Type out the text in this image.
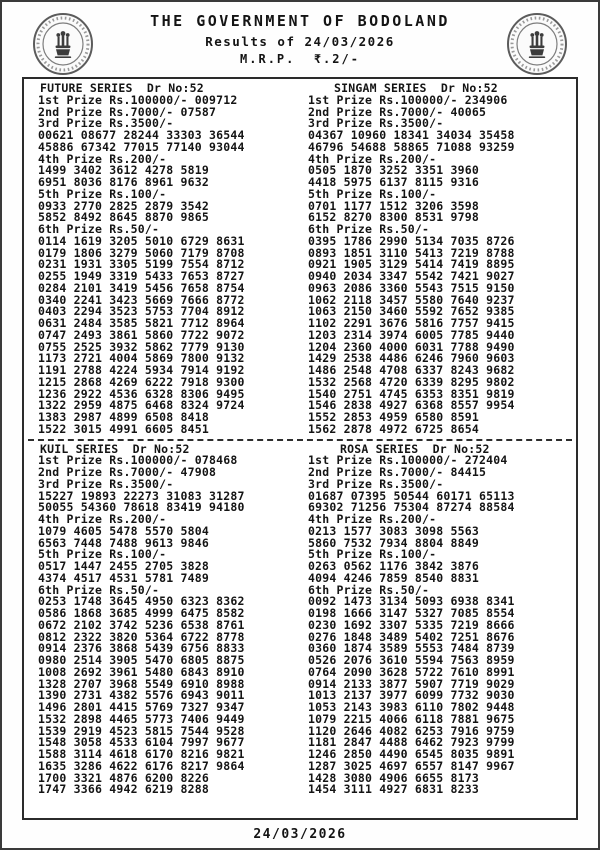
THE GOVERNMENT OF BODOLAND
Results of 24/03/2026
M.R.P.  ₹.2/-
FUTURE SERIES  Dr No:52
1st Prize Rs.100000/- 009712
2nd Prize Rs.7000/- 07587
3rd Prize Rs.3500/-
00621 08677 28244 33303 36544
45886 67342 77015 77140 93044
4th Prize Rs.200/-
1499 3402 3612 4278 5819
6951 8036 8176 8961 9632
5th Prize Rs.100/-
0933 2770 2825 2879 3542
5852 8492 8645 8870 9865
6th Prize Rs.50/-
0114 1619 3205 5010 6729 8631
0179 1806 3279 5060 7179 8708
0231 1931 3305 5199 7554 8712
0255 1949 3319 5433 7653 8727
0284 2101 3419 5456 7658 8754
0340 2241 3423 5669 7666 8772
0403 2294 3523 5753 7704 8912
0631 2484 3585 5821 7712 8964
0747 2493 3861 5860 7722 9072
0755 2525 3932 5862 7779 9130
1173 2721 4004 5869 7800 9132
1191 2788 4224 5934 7914 9192
1215 2868 4269 6222 7918 9300
1236 2922 4536 6328 8306 9495
1322 2959 4875 6468 8324 9724
1383 2987 4899 6508 8418
1522 3015 4991 6605 8451
SINGAM SERIES  Dr No:52
1st Prize Rs.100000/- 234906
2nd Prize Rs.7000/- 40065
3rd Prize Rs.3500/-
04367 10960 18341 34034 35458
46796 54688 58865 71088 93259
4th Prize Rs.200/-
0505 1870 3252 3351 3960
4418 5975 6137 8115 9316
5th Prize Rs.100/-
0701 1177 1512 3206 3598
6152 8270 8300 8531 9798
6th Prize Rs.50/-
0395 1786 2990 5134 7035 8726
0893 1851 3110 5413 7219 8788
0921 1905 3129 5414 7419 8895
0940 2034 3347 5542 7421 9027
0963 2086 3360 5543 7515 9150
1062 2118 3457 5580 7640 9237
1063 2150 3460 5592 7652 9385
1102 2291 3676 5816 7757 9415
1203 2314 3974 6005 7785 9440
1204 2360 4000 6031 7788 9490
1429 2538 4486 6246 7960 9603
1486 2548 4708 6337 8243 9682
1532 2568 4720 6339 8295 9802
1540 2751 4745 6353 8351 9819
1546 2838 4927 6368 8557 9954
1552 2853 4959 6580 8591
1562 2878 4972 6725 8654
KUIL SERIES  Dr No:52
1st Prize Rs.100000/- 078468
2nd Prize Rs.7000/- 47908
3rd Prize Rs.3500/-
15227 19893 22273 31083 31287
50055 54360 78618 83419 94180
4th Prize Rs.200/-
1079 4605 5478 5570 5804
6563 7448 7488 9613 9846
5th Prize Rs.100/-
0517 1447 2455 2705 3828
4374 4517 4531 5781 7489
6th Prize Rs.50/-
0253 1748 3645 4950 6323 8362
0586 1868 3685 4999 6475 8582
0672 2102 3742 5236 6538 8761
0812 2322 3820 5364 6722 8778
0914 2376 3868 5439 6756 8833
0980 2514 3905 5470 6805 8875
1008 2692 3961 5480 6843 8910
1328 2707 3968 5549 6910 8988
1390 2731 4382 5576 6943 9011
1496 2801 4415 5769 7327 9347
1532 2898 4465 5773 7406 9449
1539 2919 4523 5815 7544 9528
1548 3058 4533 6104 7997 9677
1588 3114 4618 6170 8216 9821
1635 3286 4622 6176 8217 9864
1700 3321 4876 6200 8226
1747 3366 4942 6219 8288
ROSA SERIES  Dr No:52
1st Prize Rs.100000/- 272404
2nd Prize Rs.7000/- 84415
3rd Prize Rs.3500/-
01687 07395 50544 60171 65113
69302 71256 75304 87274 88584
4th Prize Rs.200/-
0213 1577 3083 3098 5563
5860 7532 7934 8804 8849
5th Prize Rs.100/-
0263 0562 1176 3842 3876
4094 4246 7859 8540 8831
6th Prize Rs.50/-
0092 1473 3134 5093 6938 8341
0198 1666 3147 5327 7085 8554
0230 1692 3307 5335 7219 8666
0276 1848 3489 5402 7251 8676
0360 1874 3589 5553 7484 8739
0526 2076 3610 5594 7563 8959
0764 2090 3628 5722 7610 8991
0914 2133 3877 5907 7719 9029
1013 2137 3977 6099 7732 9030
1053 2143 3983 6110 7802 9448
1079 2215 4066 6118 7881 9675
1120 2646 4082 6253 7916 9759
1181 2847 4488 6462 7923 9799
1246 2850 4490 6545 8035 9891
1287 3025 4697 6557 8147 9967
1428 3080 4906 6655 8173
1454 3111 4927 6831 8233
24/03/2026
